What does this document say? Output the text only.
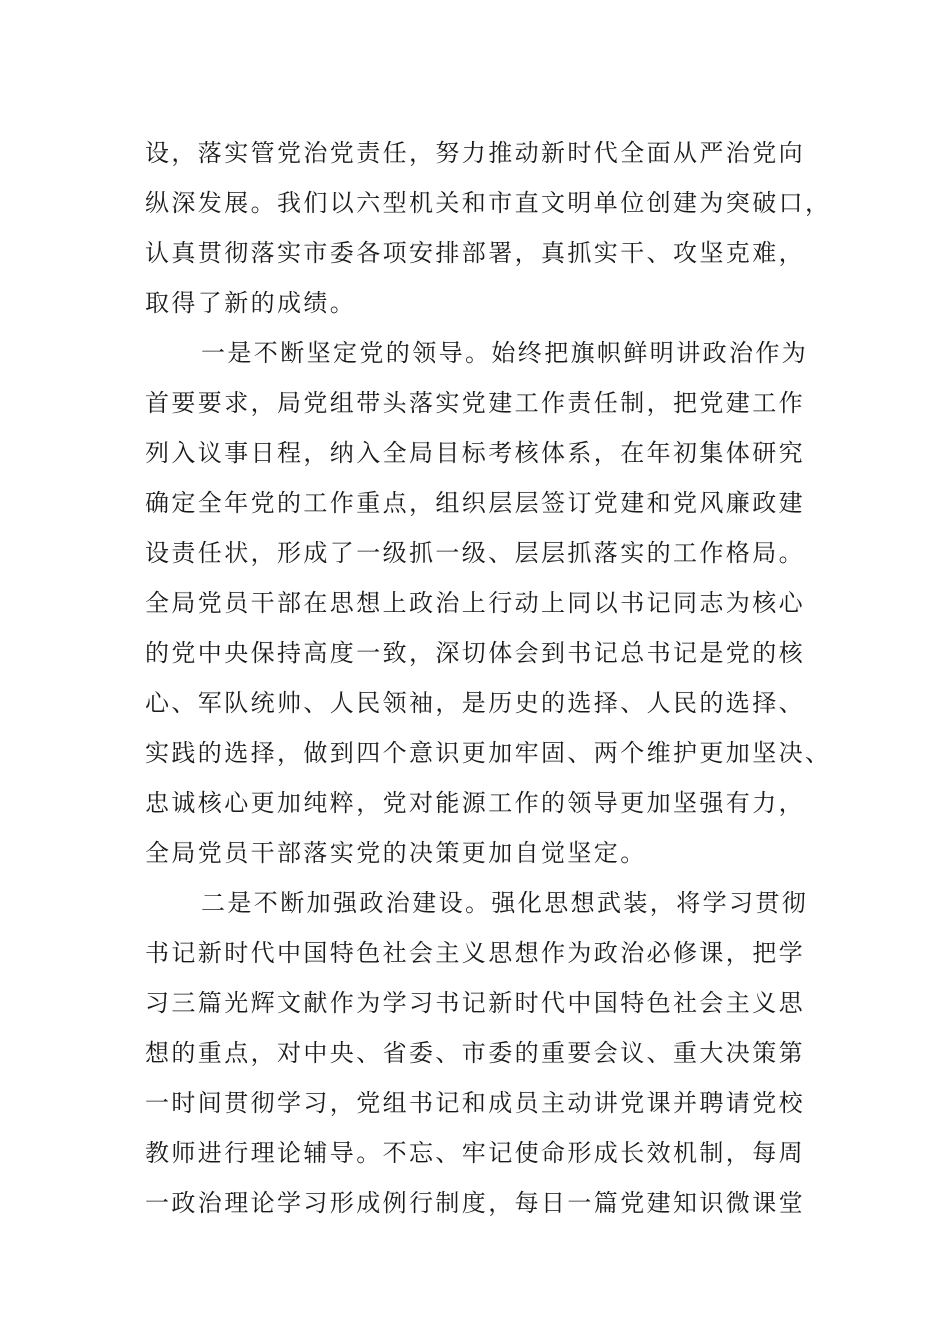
设，落实管党治党责任，努力推动新时代全面从严治党向
纵深发展。我们以六型机关和市直文明单位创建为突破口，
认真贯彻落实市委各项安排部署，真抓实干、攻坚克难，
取得了新的成绩。
一是不断坚定党的领导。始终把旗帜鲜明讲政治作为
首要要求，局党组带头落实党建工作责任制，把党建工作
列入议事日程，纳入全局目标考核体系，在年初集体研究
确定全年党的工作重点，组织层层签订党建和党风廉政建
设责任状，形成了一级抓一级、层层抓落实的工作格局。
全局党员干部在思想上政治上行动上同以书记同志为核心
的党中央保持高度一致，深切体会到书记总书记是党的核
心、军队统帅、人民领袖，是历史的选择、人民的选择、
实践的选择，做到四个意识更加牢固、两个维护更加坚决、
忠诚核心更加纯粹，党对能源工作的领导更加坚强有力，
全局党员干部落实党的决策更加自觉坚定。
二是不断加强政治建设。强化思想武装，将学习贯彻
书记新时代中国特色社会主义思想作为政治必修课，把学
习三篇光辉文献作为学习书记新时代中国特色社会主义思
想的重点，对中央、省委、市委的重要会议、重大决策第
一时间贯彻学习，党组书记和成员主动讲党课并聘请党校
教师进行理论辅导。不忘、牢记使命形成长效机制，每周
一政治理论学习形成例行制度，每日一篇党建知识微课堂
